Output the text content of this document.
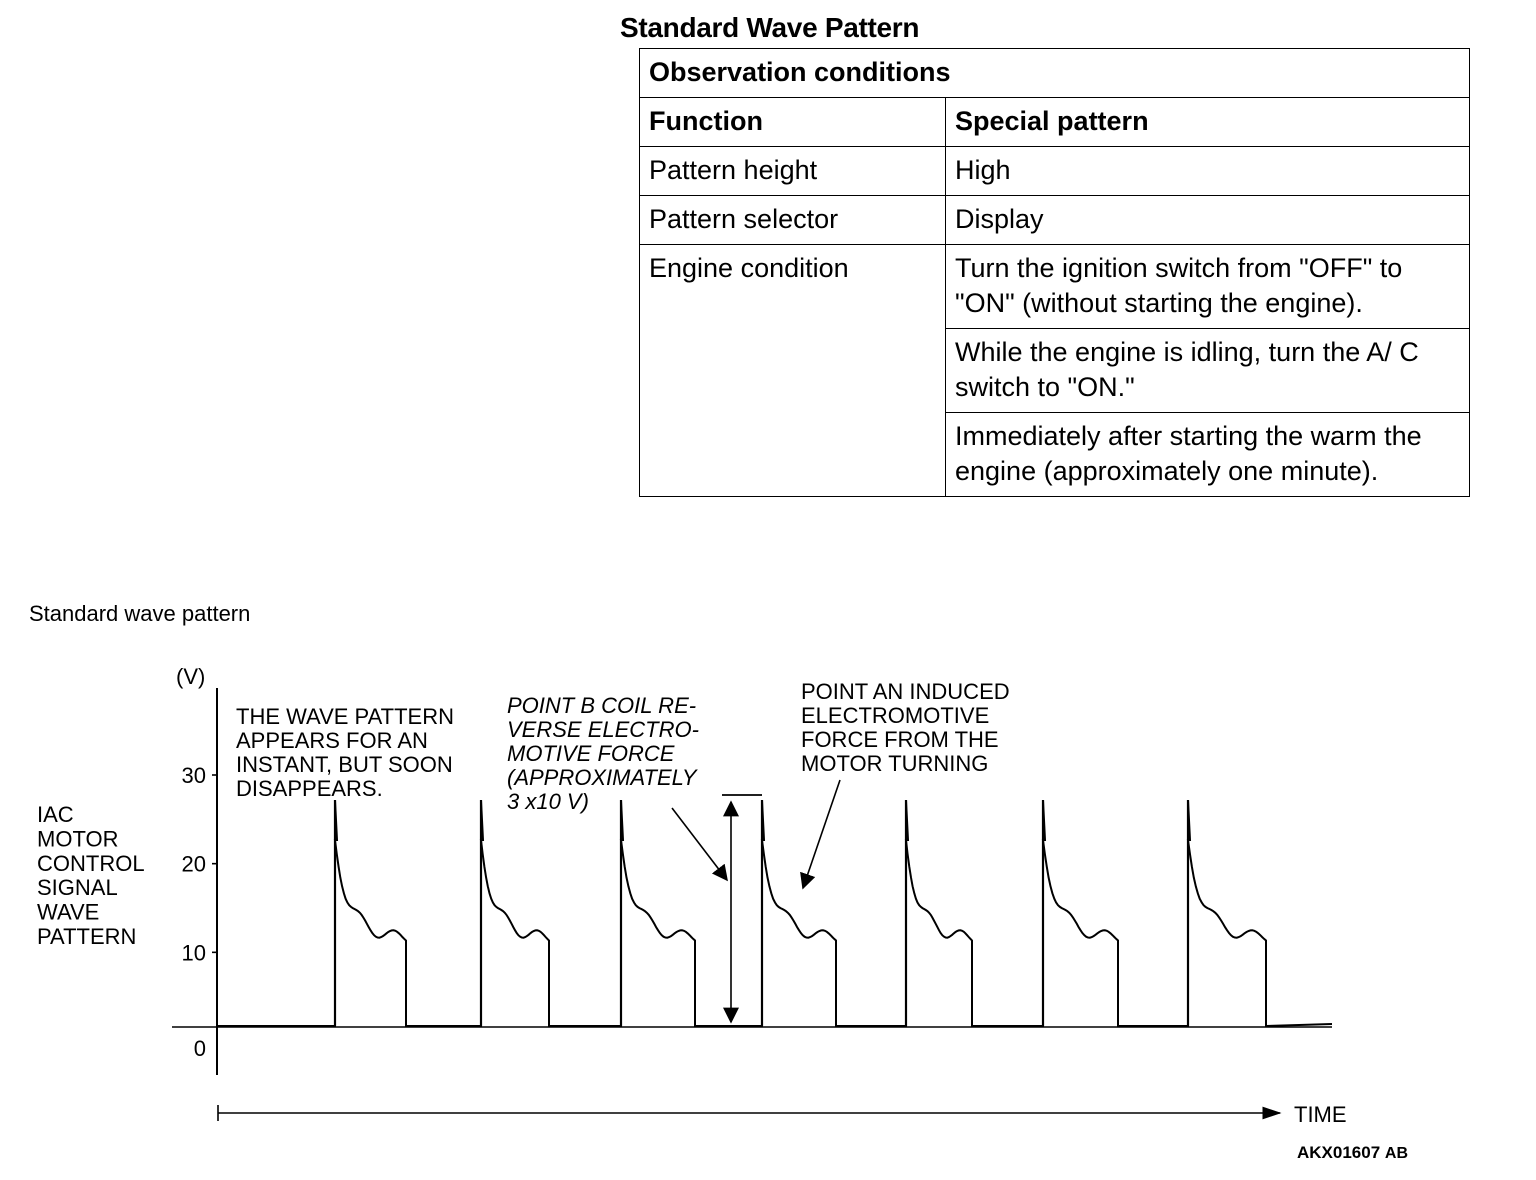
Standard Wave Pattern
Observation conditions	
Function	Special pattern
Pattern height	High
Pattern selector	Display
Engine condition	Turn the ignition switch from "OFF" to "ON" (without starting the engine).
	While the engine is idling, turn the A/ C switch to "ON."
	Immediately after starting the warm the engine (approximately one minute).
Standard wave pattern
(V)
TIME
30
20
10
0
IAC
MOTOR
CONTROL
SIGNAL
WAVE
PATTERN
THE WAVE PATTERN
APPEARS FOR AN
INSTANT, BUT SOON
DISAPPEARS.
POINT B COIL RE-
VERSE ELECTRO-
MOTIVE FORCE
(APPROXIMATELY
3 x10 V)
POINT AN INDUCED
ELECTROMOTIVE
FORCE FROM THE
MOTOR TURNING
AKX01607 AB
